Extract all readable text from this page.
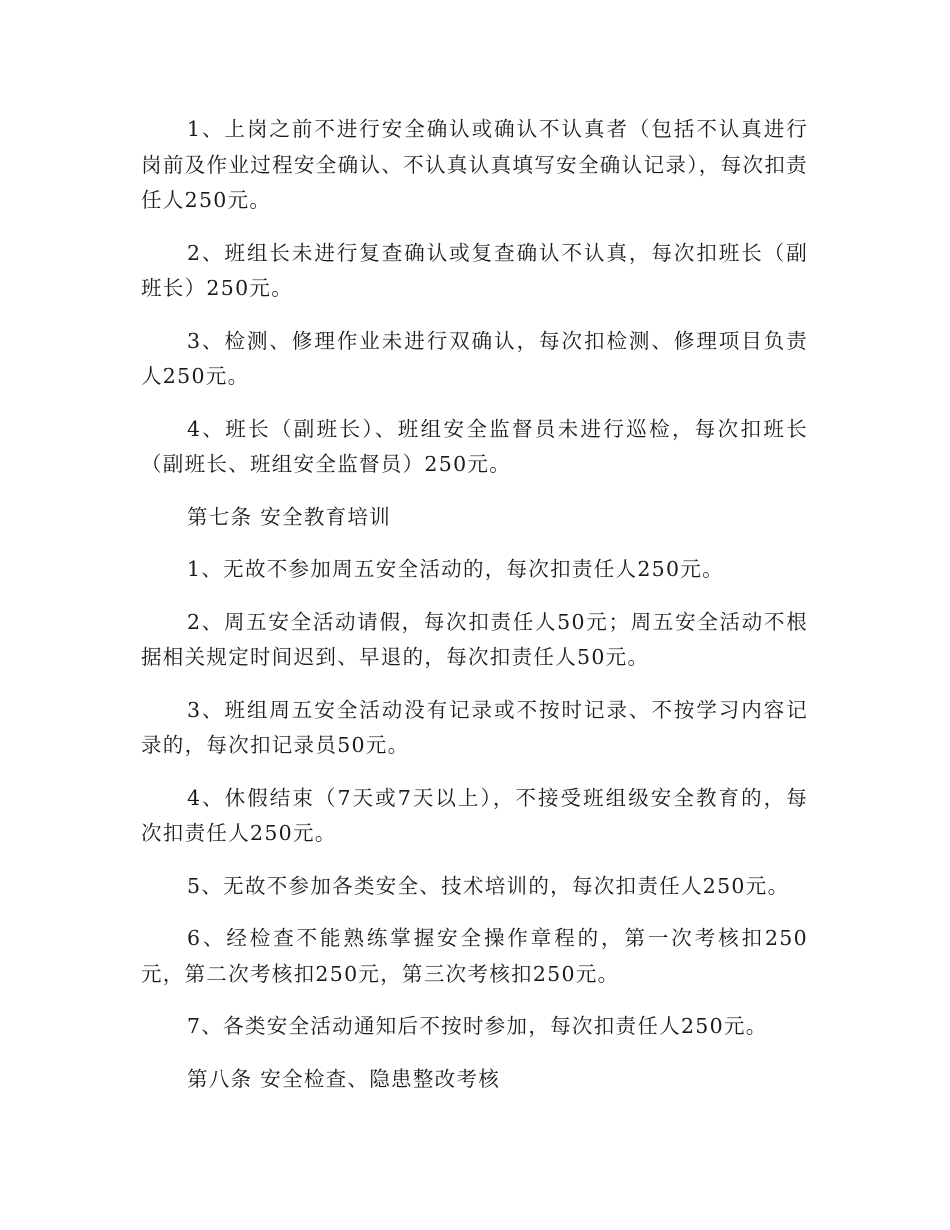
1、上岗之前不进行安全确认或确认不认真者（包括不认真进行岗前及作业过程安全确认、不认真认真填写安全确认记录），每次扣责任人250元。

2、班组长未进行复查确认或复查确认不认真，每次扣班长（副班长）250元。

3、检测、修理作业未进行双确认，每次扣检测、修理项目负责人250元。

4、班长（副班长）、班组安全监督员未进行巡检，每次扣班长（副班长、班组安全监督员）250元。

第七条 安全教育培训

1、无故不参加周五安全活动的，每次扣责任人250元。

2、周五安全活动请假，每次扣责任人50元；周五安全活动不根据相关规定时间迟到、早退的，每次扣责任人50元。

3、班组周五安全活动没有记录或不按时记录、不按学习内容记录的，每次扣记录员50元。

4、休假结束（7天或7天以上），不接受班组级安全教育的，每次扣责任人250元。

5、无故不参加各类安全、技术培训的，每次扣责任人250元。

6、经检查不能熟练掌握安全操作章程的，第一次考核扣250元，第二次考核扣250元，第三次考核扣250元。

7、各类安全活动通知后不按时参加，每次扣责任人250元。

第八条 安全检查、隐患整改考核
